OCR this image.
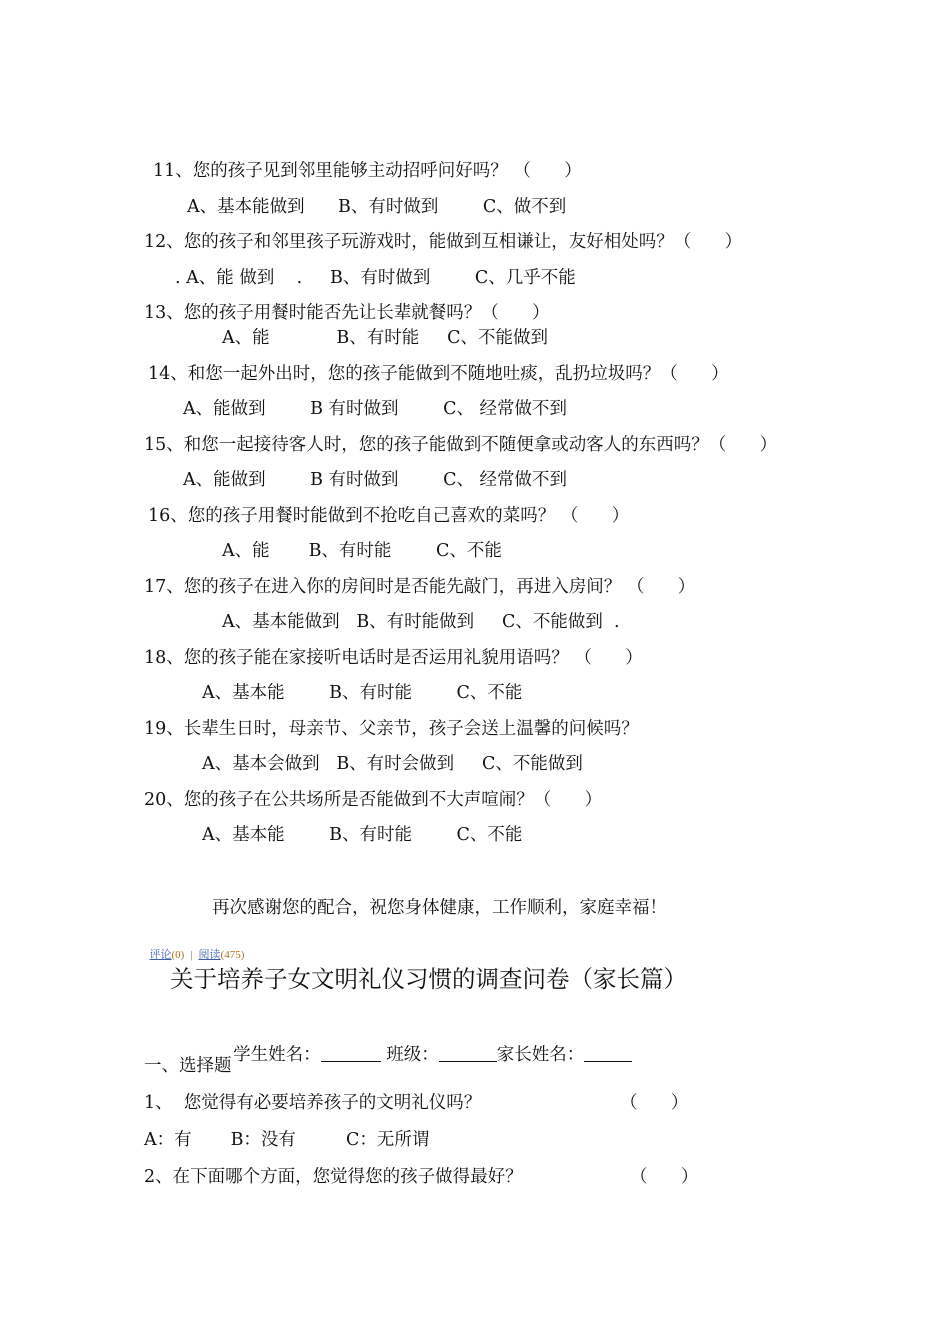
11、您的孩子见到邻里能够主动招呼问好吗？ （      ）
A、基本能做到      B、有时做到        C、做不到
12、您的孩子和邻里孩子玩游戏时，能做到互相谦让，友好相处吗？（      ）
. A、能 做到    .     B、有时做到        C、几乎不能
13、您的孩子用餐时能否先让长辈就餐吗？（      ）
A、能            B、有时能     C、不能做到
14、和您一起外出时，您的孩子能做到不随地吐痰，乱扔垃圾吗？（      ）
A、能做到        B 有时做到        C、 经常做不到
15、和您一起接待客人时，您的孩子能做到不随便拿或动客人的东西吗？（      ）
A、能做到        B 有时做到        C、 经常做不到
16、您的孩子用餐时能做到不抢吃自己喜欢的菜吗？ （      ）
A、能       B、有时能        C、不能
17、您的孩子在进入你的房间时是否能先敲门，再进入房间？ （      ）
A、基本能做到   B、有时能做到     C、不能做到  .
18、您的孩子能在家接听电话时是否运用礼貌用语吗？ （      ）
A、基本能        B、有时能        C、不能
19、长辈生日时，母亲节、父亲节，孩子会送上温馨的问候吗？
A、基本会做到   B、有时会做到     C、不能做到
20、您的孩子在公共场所是否能做到不大声喧闹？（      ）
A、基本能        B、有时能        C、不能
再次感谢您的配合，祝您身体健康，工作顺利，家庭幸福！

评论(0) | 阅读(475)

关于培养子女文明礼仪习惯的调查问卷（家长篇）

学生姓名：	班级：	家长姓名：

一、选择题
1、  您觉得有必要培养孩子的文明礼仪吗？	（      ）
A：有       B：没有         C：无所谓
2、在下面哪个方面，您觉得您的孩子做得最好？	（      ）
